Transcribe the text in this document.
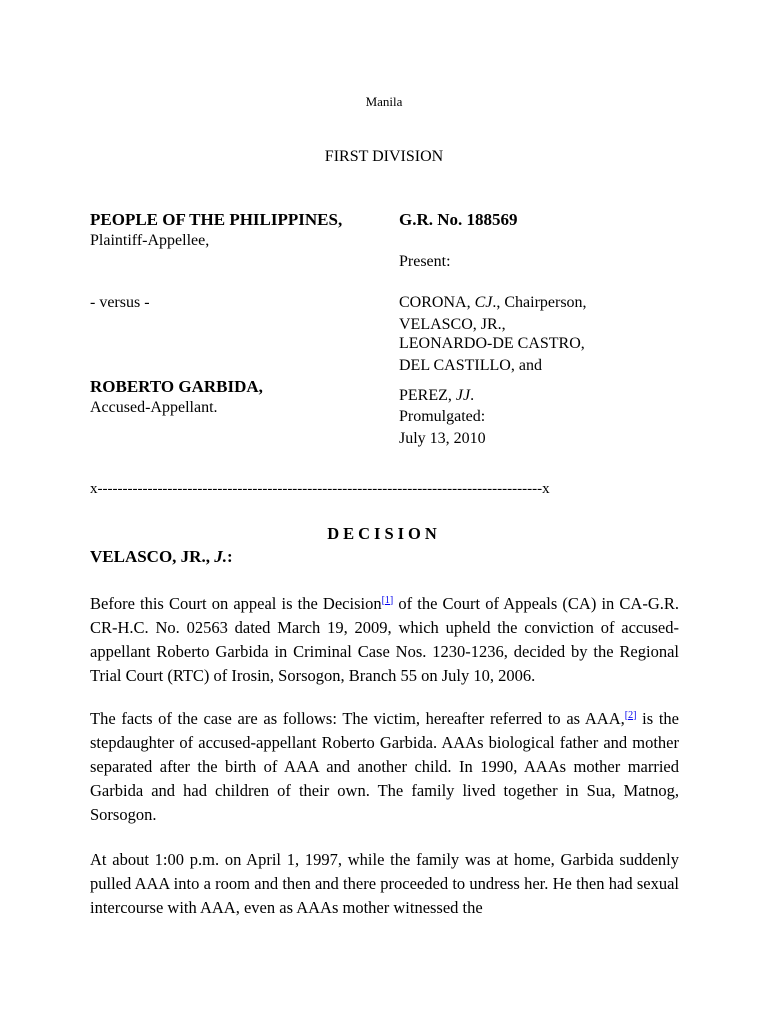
Manila
FIRST DIVISION
PEOPLE OF THE PHILIPPINES,
Plaintiff-Appellee,
- versus -
ROBERTO GARBIDA,
Accused-Appellant.
G.R. No. 188569
Present:
CORONA, CJ., Chairperson,
VELASCO, JR.,
LEONARDO-DE CASTRO,
DEL CASTILLO, and
PEREZ, JJ.
Promulgated:
July 13, 2010
x-----------------------------------------------------------------------------------------x
DECISION
VELASCO, JR., J.:
Before this Court on appeal is the Decision[1] of the Court of Appeals (CA) in CA-G.R. CR-H.C. No. 02563 dated March 19, 2009, which upheld the conviction of accused-appellant Roberto Garbida in Criminal Case Nos. 1230-1236, decided by the Regional Trial Court (RTC) of Irosin, Sorsogon, Branch 55 on July 10, 2006.
The facts of the case are as follows: The victim, hereafter referred to as AAA,[2] is the stepdaughter of accused-appellant Roberto Garbida. AAAs biological father and mother separated after the birth of AAA and another child. In 1990, AAAs mother married Garbida and had children of their own. The family lived together in Sua, Matnog, Sorsogon.
At about 1:00 p.m. on April 1, 1997, while the family was at home, Garbida suddenly pulled AAA into a room and then and there proceeded to undress her. He then had sexual intercourse with AAA, even as AAAs mother witnessed the
